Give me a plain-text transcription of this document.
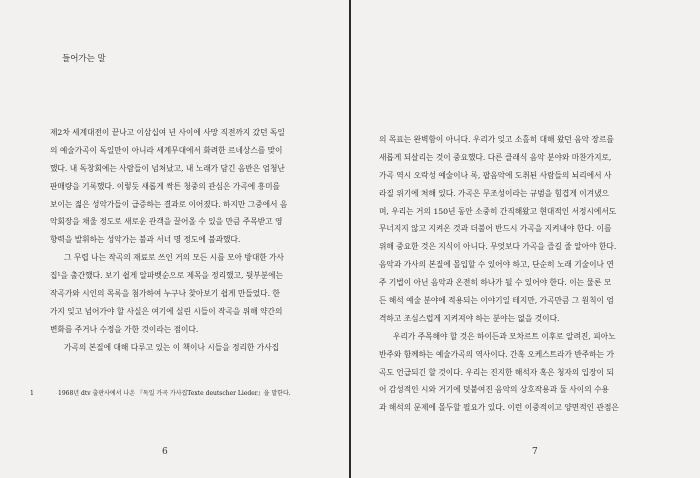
들어가는 말
제2차 세계대전이 끝나고 이삼십여 년 사이에 사망 직전까지 갔던 독일
의 예술가곡이 독일만이 아니라 세계무대에서 화려한 르네상스를 맞이
했다. 내 독창회에는 사람들이 넘쳐났고, 내 노래가 담긴 음반은 엄청난
판매량을 기록했다. 이렇듯 새롭게 싹튼 청중의 관심은 가곡에 흥미를
보이는 젊은 성악가들이 급증하는 결과로 이어졌다. 하지만 그중에서 음
악회장을 채울 정도로 새로운 관객을 끌어올 수 있을 만큼 주목받고 영
향력을 발휘하는 성악가는 불과 서너 명 정도에 불과했다.
그 무렵 나는 작곡의 재료로 쓰인 거의 모든 시를 모아 방대한 가사
집¹을 출간했다. 보기 쉽게 알파벳순으로 제목을 정리했고, 뒷부분에는
작곡가와 시인의 목록을 첨가하여 누구나 찾아보기 쉽게 만들었다. 한
가지 잊고 넘어가야 할 사실은 여기에 실린 시들이 작곡을 위해 약간의
변화를 주거나 수정을 가한 것이라는 점이다.
가곡의 본질에 대해 다루고 있는 이 책이나 시들을 정리한 가사집
1	1968년 dtv 출판사에서 나온 『독일 가곡 가사집Texte deutscher Lieder』을 말한다.
6
의 목표는 완벽함이 아니다. 우리가 잊고 소홀히 대해 왔던 음악 장르를
새롭게 되살리는 것이 중요했다. 다른 클래식 음악 분야와 마찬가지로,
가곡 역시 오락성 예술이나 록, 팝음악에 도취된 사람들의 뇌리에서 사
라질 위기에 처해 있다. 가곡은 무조성이라는 규범을 힘겹게 이겨냈으
며, 우리는 거의 150년 동안 소중히 간직해왔고 현대적인 서정시에서도
무너지지 않고 지켜온 것과 더불어 반드시 가곡을 지켜내야 한다. 이를
위해 중요한 것은 지식이 아니다. 무엇보다 가곡을 즐길 줄 알아야 한다.
음악과 가사의 본질에 몰입할 수 있어야 하고, 단순히 노래 기술이나 연
주 기법이 아닌 음악과 온전히 하나가 될 수 있어야 한다. 이는 물론 모
든 해석 예술 분야에 적용되는 이야기일 테지만, 가곡만큼 그 원칙이 엄
격하고 조심스럽게 지켜져야 하는 분야는 없을 것이다.
우리가 주목해야 할 것은 하이든과 모차르트 이후로 알려진, 피아노
반주와 함께하는 예술가곡의 역사이다. 간혹 오케스트라가 반주하는 가
곡도 언급되긴 할 것이다. 우리는 진지한 해석자 혹은 청자의 입장이 되
어 감성적인 시와 거기에 덧붙여진 음악의 상호작용과 둘 사이의 수용
과 해석의 문제에 몰두할 필요가 있다. 이런 이중적이고 양면적인 관점은
7
